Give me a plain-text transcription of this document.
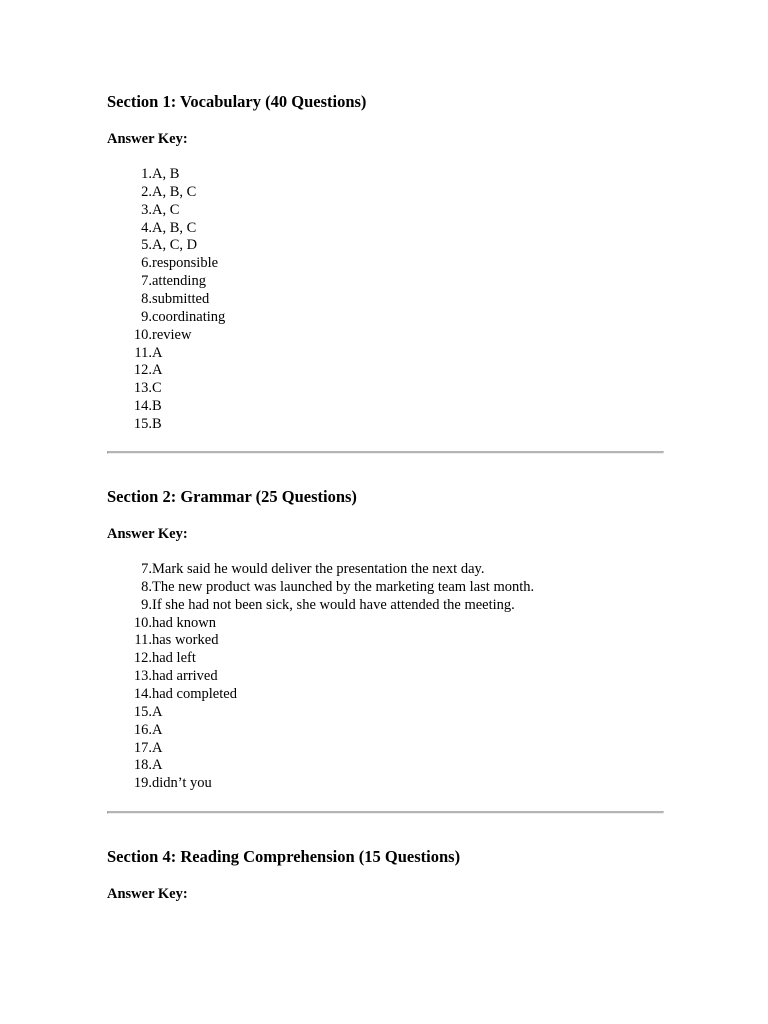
Section 1: Vocabulary (40 Questions)
Answer Key:
1. A, B
2. A, B, C
3. A, C
4. A, B, C
5. A, C, D
6. responsible
7. attending
8. submitted
9. coordinating
10. review
11. A
12. A
13. C
14. B
15. B
Section 2: Grammar (25 Questions)
Answer Key:
7. Mark said he would deliver the presentation the next day.
8. The new product was launched by the marketing team last month.
9. If she had not been sick, she would have attended the meeting.
10. had known
11. has worked
12. had left
13. had arrived
14. had completed
15. A
16. A
17. A
18. A
19. didn’t you
Section 4: Reading Comprehension (15 Questions)
Answer Key:
